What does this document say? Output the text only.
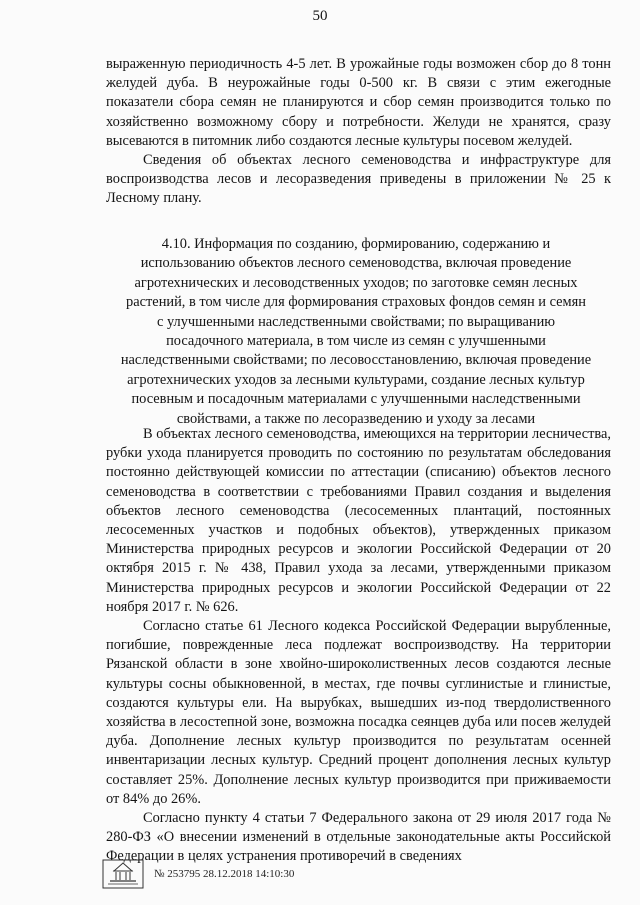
50

выраженную периодичность 4-5 лет. В урожайные годы возможен сбор до 8 тонн желудей дуба. В неурожайные годы 0-500 кг. В связи с этим ежегодные показатели сбора семян не планируются и сбор семян производится только по хозяйственно возможному сбору и потребности. Желуди не хранятся, сразу высеваются в питомник либо создаются лесные культуры посевом желудей.

Сведения об объектах лесного семеноводства и инфраструктуре для воспроизводства лесов и лесоразведения приведены в приложении № 25 к Лесному плану.

4.10. Информация по созданию, формированию, содержанию и
использованию объектов лесного семеноводства, включая проведение
агротехнических и лесоводственных уходов; по заготовке семян лесных
растений, в том числе для формирования страховых фондов семян и семян
с улучшенными наследственными свойствами; по выращиванию
посадочного материала, в том числе из семян с улучшенными
наследственными свойствами; по лесовосстановлению, включая проведение
агротехнических уходов за лесными культурами, создание лесных культур
посевным и посадочным материалами с улучшенными наследственными
свойствами, а также по лесоразведению и уходу за лесами

В объектах лесного семеноводства, имеющихся на территории лесничества, рубки ухода планируется проводить по состоянию по результатам обследования постоянно действующей комиссии по аттестации (списанию) объектов лесного семеноводства в соответствии с требованиями Правил создания и выделения объектов лесного семеноводства (лесосеменных плантаций, постоянных лесосеменных участков и подобных объектов), утвержденных приказом Министерства природных ресурсов и экологии Российской Федерации от 20 октября 2015 г. № 438, Правил ухода за лесами, утвержденными приказом Министерства природных ресурсов и экологии Российской Федерации от 22 ноября 2017 г. № 626.

Согласно статье 61 Лесного кодекса Российской Федерации вырубленные, погибшие, поврежденные леса подлежат воспроизводству. На территории Рязанской области в зоне хвойно-широколиственных лесов создаются лесные культуры сосны обыкновенной, в местах, где почвы суглинистые и глинистые, создаются культуры ели. На вырубках, вышедших из-под твердолиственного хозяйства в лесостепной зоне, возможна посадка сеянцев дуба или посев желудей дуба. Дополнение лесных культур производится по результатам осенней инвентаризации лесных культур. Средний процент дополнения лесных культур составляет 25%. Дополнение лесных культур производится при приживаемости от 84% до 26%.

Согласно пункту 4 статьи 7 Федерального закона от 29 июля 2017 года № 280-ФЗ «О внесении изменений в отдельные законодательные акты Российской Федерации в целях устранения противоречий в сведениях

№ 253795 28.12.2018 14:10:30
